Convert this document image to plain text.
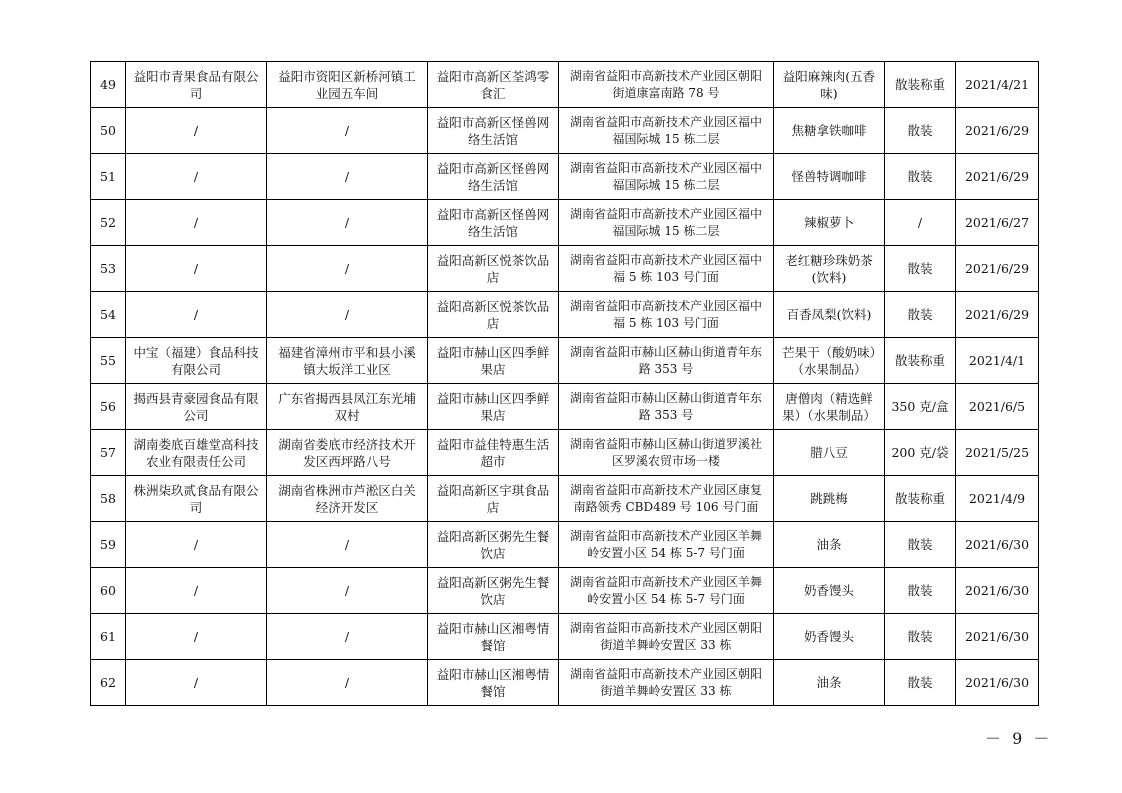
49	益阳市青果食品有限公司	益阳市资阳区新桥河镇工业园五车间	益阳市高新区荃鸿零食汇	湖南省益阳市高新技术产业园区朝阳街道康富南路 78 号	益阳麻辣肉(五香味)	散装称重	2021/4/21
50	/	/	益阳市高新区怪兽网络生活馆	湖南省益阳市高新技术产业园区福中福国际城 15 栋二层	焦糖拿铁咖啡	散装	2021/6/29
51	/	/	益阳市高新区怪兽网络生活馆	湖南省益阳市高新技术产业园区福中福国际城 15 栋二层	怪兽特调咖啡	散装	2021/6/29
52	/	/	益阳市高新区怪兽网络生活馆	湖南省益阳市高新技术产业园区福中福国际城 15 栋二层	辣椒萝卜	/	2021/6/27
53	/	/	益阳高新区悦茶饮品店	湖南省益阳市高新技术产业园区福中福 5 栋 103 号门面	老红糖珍珠奶茶(饮料)	散装	2021/6/29
54	/	/	益阳高新区悦茶饮品店	湖南省益阳市高新技术产业园区福中福 5 栋 103 号门面	百香凤梨(饮料)	散装	2021/6/29
55	中宝（福建）食品科技有限公司	福建省漳州市平和县小溪镇大坂洋工业区	益阳市赫山区四季鲜果店	湖南省益阳市赫山区赫山街道青年东路 353 号	芒果干（酸奶味）（水果制品）	散装称重	2021/4/1
56	揭西县青豪园食品有限公司	广东省揭西县凤江东光埔双村	益阳市赫山区四季鲜果店	湖南省益阳市赫山区赫山街道青年东路 353 号	唐僧肉（精选鲜果）（水果制品）	350 克/盒	2021/6/5
57	湖南娄底百雄堂高科技农业有限责任公司	湖南省娄底市经济技术开发区西坪路八号	益阳市益佳特惠生活超市	湖南省益阳市赫山区赫山街道罗溪社区罗溪农贸市场一楼	腊八豆	200 克/袋	2021/5/25
58	株洲柒玖贰食品有限公司	湖南省株洲市芦淞区白关经济开发区	益阳高新区宇琪食品店	湖南省益阳市高新技术产业园区康复南路领秀 CBD489 号 106 号门面	跳跳梅	散装称重	2021/4/9
59	/	/	益阳高新区粥先生餐饮店	湖南省益阳市高新技术产业园区羊舞岭安置小区 54 栋 5-7 号门面	油条	散装	2021/6/30
60	/	/	益阳高新区粥先生餐饮店	湖南省益阳市高新技术产业园区羊舞岭安置小区 54 栋 5-7 号门面	奶香馒头	散装	2021/6/30
61	/	/	益阳市赫山区湘粤情餐馆	湖南省益阳市高新技术产业园区朝阳街道羊舞岭安置区 33 栋	奶香馒头	散装	2021/6/30
62	/	/	益阳市赫山区湘粤情餐馆	湖南省益阳市高新技术产业园区朝阳街道羊舞岭安置区 33 栋	油条	散装	2021/6/30
－ 9 －
